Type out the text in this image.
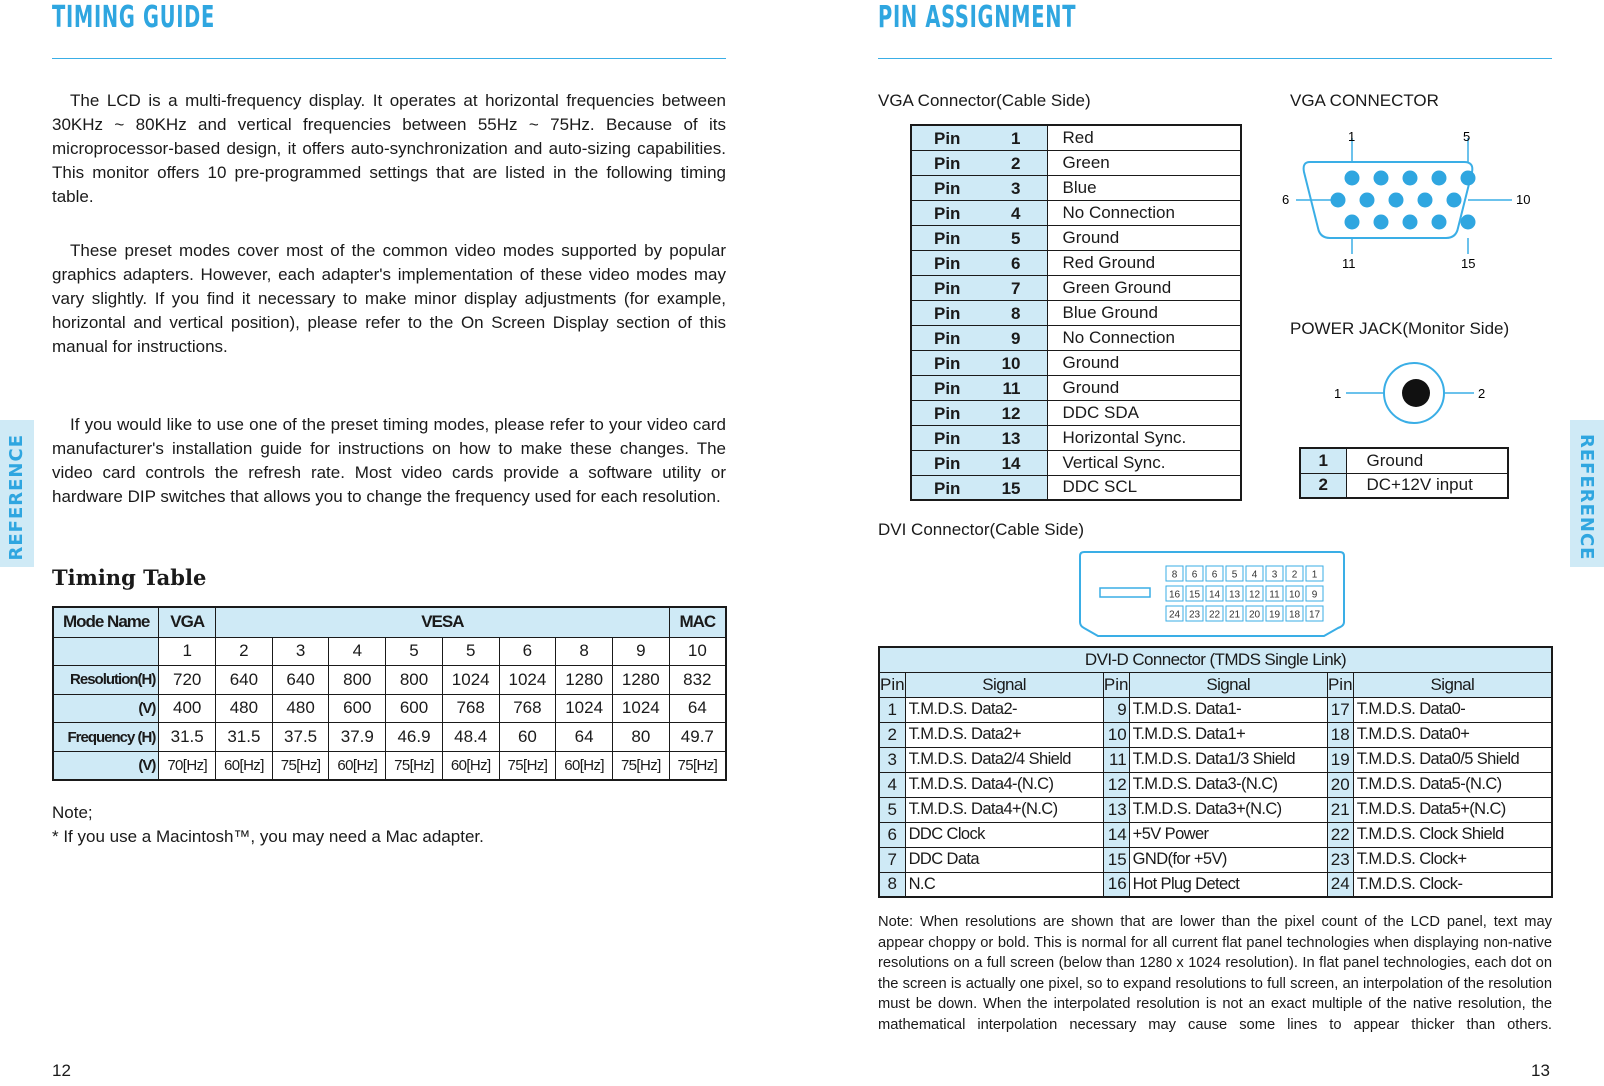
TIMING GUIDE
The LCD is a multi-frequency display. It operates at horizontal frequencies between 30KHz ~ 80KHz and vertical frequencies between 55Hz ~ 75Hz. Because of its microprocessor-based design, it offers auto-synchronization and auto-sizing capabilities. This monitor offers 10 pre-programmed settings that are listed in the following timing table.
These preset modes cover most of the common video modes supported by popular graphics adapters. However, each adapter's implementation of these video modes may vary slightly. If you find it necessary to make minor display adjustments (for example, horizontal and vertical position), please refer to the On Screen Display section of this manual for instructions.
If you would like to use one of the preset timing modes, please refer to your video card manufacturer's installation guide for instructions on how to make these changes. The video card controls the refresh rate. Most video cards provide a software utility or hardware DIP switches that allows you to change the frequency used for each resolution.
Timing Table
Mode Name	VGA	VESA								MAC
	1	2	3	4	5	5	6	8	9	10
Resolution(H)	720	640	640	800	800	1024	1024	1280	1280	832
(V)	400	480	480	600	600	768	768	1024	1024	64
Frequency (H)	31.5	31.5	37.5	37.9	46.9	48.4	60	64	80	49.7
(V)	70[Hz]	60[Hz]	75[Hz]	60[Hz]	75[Hz]	60[Hz]	75[Hz]	60[Hz]	75[Hz]	75[Hz]
Note;
* If you use a Macintosh™, you may need a Mac adapter.
12
REFERENCE
PIN ASSIGNMENT
VGA Connector(Cable Side)
Pin 1	Red

Pin 2	Green

Pin 3	Blue

Pin 4	No Connection

Pin 5	Ground

Pin 6	Red Ground

Pin 7	Green Ground

Pin 8	Blue Ground

Pin 9	No Connection

Pin 10	Ground

Pin 11	Ground

Pin 12	DDC SDA

Pin 13	Horizontal Sync.

Pin 14	Vertical Sync.

Pin 15	DDC SCL
VGA CONNECTOR
1	5
6	10
11	15
POWER JACK(Monitor Side)
1	2
1	Ground
2	DC+12V input
DVI Connector(Cable Side)
8 6 6 5 4 3 2 1
16 15 14 13 12 11 10 9
24 23 22 21 20 19 18 17
DVI-D Connector (TMDS Single Link)					
Pin	Signal	Pin	Signal	Pin	Signal
1	T.M.D.S. Data2-	9	T.M.D.S. Data1-	17	T.M.D.S. Data0-
2	T.M.D.S. Data2+	10	T.M.D.S. Data1+	18	T.M.D.S. Data0+
3	T.M.D.S. Data2/4 Shield	11	T.M.D.S. Data1/3 Shield	19	T.M.D.S. Data0/5 Shield
4	T.M.D.S. Data4-(N.C)	12	T.M.D.S. Data3-(N.C)	20	T.M.D.S. Data5-(N.C)
5	T.M.D.S. Data4+(N.C)	13	T.M.D.S. Data3+(N.C)	21	T.M.D.S. Data5+(N.C)
6	DDC Clock	14	+5V Power	22	T.M.D.S. Clock Shield
7	DDC Data	15	GND(for +5V)	23	T.M.D.S. Clock+
8	N.C	16	Hot Plug Detect	24	T.M.D.S. Clock-
Note: When resolutions are shown that are lower than the pixel count of the LCD panel, text may appear choppy or bold. This is normal for all current flat panel technologies when displaying non-native resolutions on a full screen (below than 1280 x 1024 resolution). In flat panel technologies, each dot on the screen is actually one pixel, so to expand resolutions to full screen, an interpolation of the resolution must be down. When the interpolated resolution is not an exact multiple of the native resolution, the mathematical interpolation necessary may cause some lines to appear thicker than others.
13
REFERENCE
